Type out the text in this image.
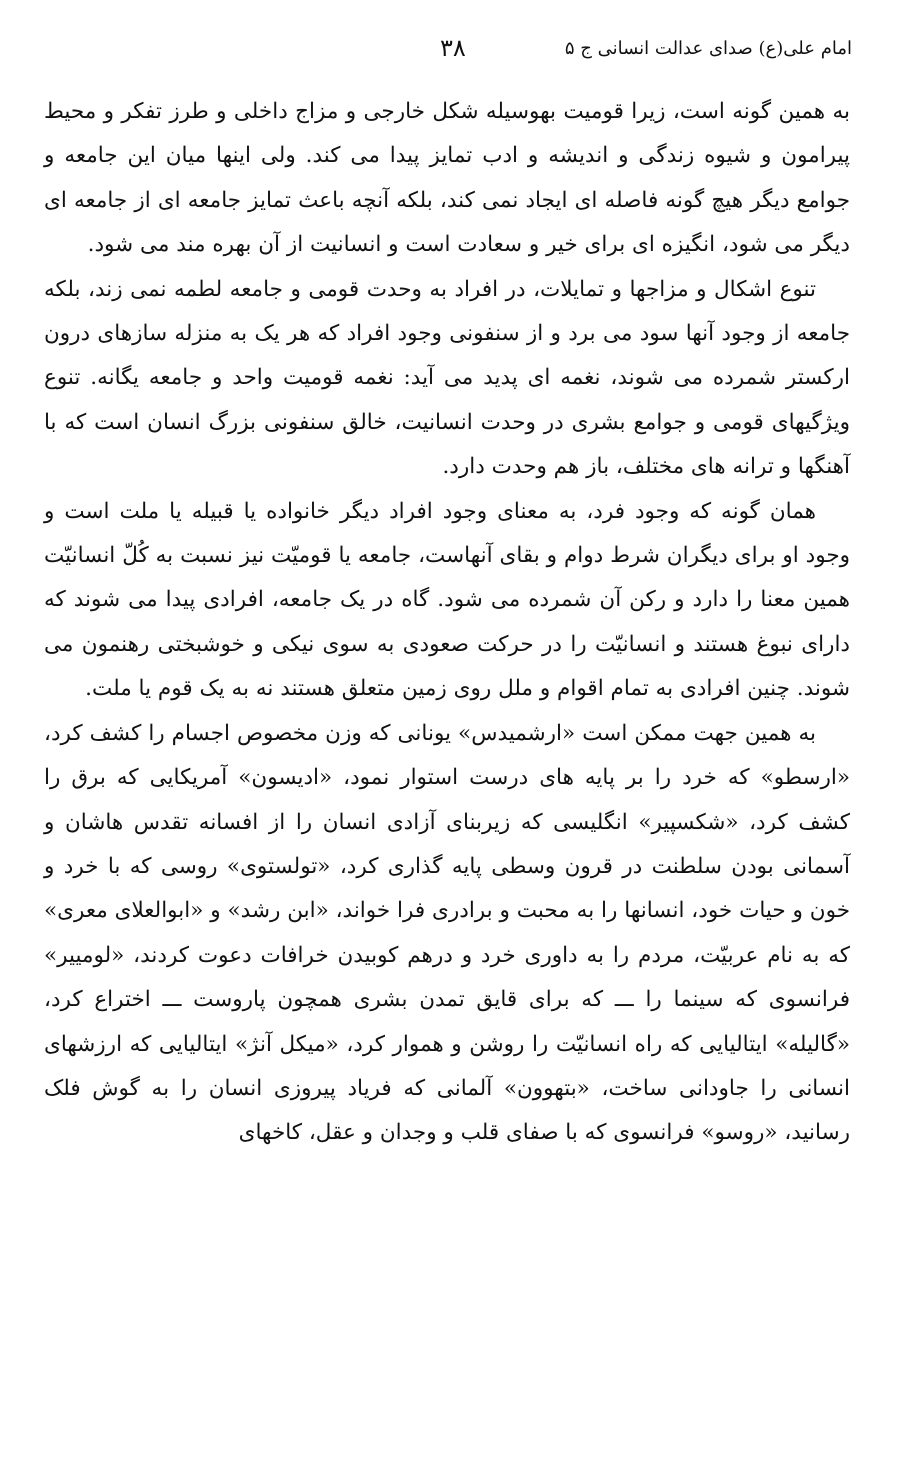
امام علی(ع) صدای عدالت انسانی ج ۵
۳۸

به همین گونه است، زیرا قومیت بهوسیله شکل خارجی و مزاج داخلی و طرز تفکر و محیط پیرامون و شیوه زندگی و اندیشه و ادب تمایز پیدا می کند. ولی اینها میان این جامعه و جوامع دیگر هیچ گونه فاصله ای ایجاد نمی کند، بلکه آنچه باعث تمایز جامعه ای از جامعه ای دیگر می شود، انگیزه ای برای خیر و سعادت است و انسانیت از آن بهره مند می شود.

تنوع اشکال و مزاجها و تمایلات، در افراد به وحدت قومی و جامعه لطمه نمی زند، بلکه جامعه از وجود آنها سود می برد و از سنفونی وجود افراد که هر یک به منزله سازهای درون ارکستر شمرده می شوند، نغمه ای پدید می آید: نغمه قومیت واحد و جامعه یگانه. تنوع ویژگیهای قومی و جوامع بشری در وحدت انسانیت، خالق سنفونی بزرگ انسان است که با آهنگها و ترانه های مختلف، باز هم وحدت دارد.

همان گونه که وجود فرد، به معنای وجود افراد دیگر خانواده یا قبیله یا ملت است و وجود او برای دیگران شرط دوام و بقای آنهاست، جامعه یا قومیّت نیز نسبت به کُلّ انسانیّت همین معنا را دارد و رکن آن شمرده می شود. گاه در یک جامعه، افرادی پیدا می شوند که دارای نبوغ هستند و انسانیّت را در حرکت صعودی به سوی نیکی و خوشبختی رهنمون می شوند. چنین افرادی به تمام اقوام و ملل روی زمین متعلق هستند نه به یک قوم یا ملت.

به همین جهت ممکن است «ارشمیدس» یونانی که وزن مخصوص اجسام را کشف کرد، «ارسطو» که خرد را بر پایه های درست استوار نمود، «ادیسون» آمریکایی که برق را کشف کرد، «شکسپیر» انگلیسی که زیربنای آزادی انسان را از افسانه تقدس هاشان و آسمانی بودن سلطنت در قرون وسطی پایه گذاری کرد، «تولستوی» روسی که با خرد و خون و حیات خود، انسانها را به محبت و برادری فرا خواند، «ابن رشد» و «ابوالعلای معری» که به نام عربیّت، مردم را به داوری خرد و درهم کوبیدن خرافات دعوت کردند، «لومییر» فرانسوی که سینما را ـــ که برای قایق تمدن بشری همچون پاروست ـــ اختراع کرد، «گالیله» ایتالیایی که راه انسانیّت را روشن و هموار کرد، «میکل آنژ» ایتالیایی که ارزشهای انسانی را جاودانی ساخت، «بتهوون» آلمانی که فریاد پیروزی انسان را به گوش فلک رسانید، «روسو» فرانسوی که با صفای قلب و وجدان و عقل، کاخهای
